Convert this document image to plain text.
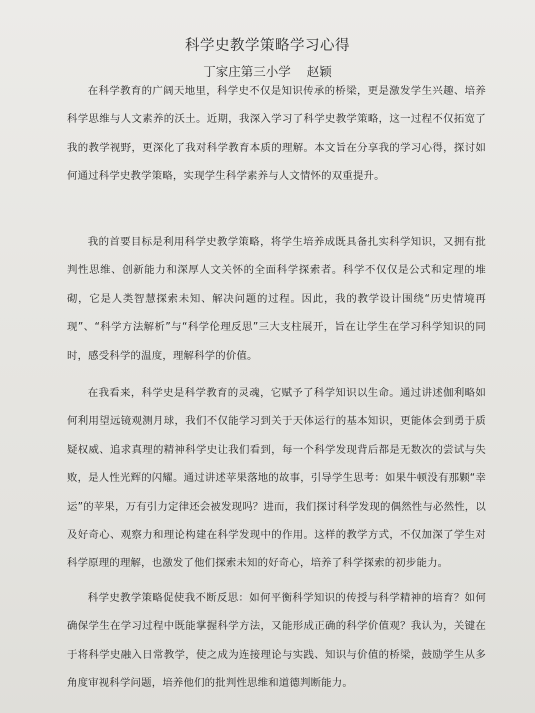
科学史教学策略学习心得

丁家庄第三小学 赵颖

在科学教育的广阔天地里，科学史不仅是知识传承的桥梁，更是激发学生兴趣、培养科学思维与人文素养的沃土。近期，我深入学习了科学史教学策略，这一过程不仅拓宽了我的教学视野，更深化了我对科学教育本质的理解。本文旨在分享我的学习心得，探讨如何通过科学史教学策略，实现学生科学素养与人文情怀的双重提升。

我的首要目标是利用科学史教学策略，将学生培养成既具备扎实科学知识，又拥有批判性思维、创新能力和深厚人文关怀的全面科学探索者。科学不仅仅是公式和定理的堆砌，它是人类智慧探索未知、解决问题的过程。因此，我的教学设计围绕“历史情境再现”、“科学方法解析”与“科学伦理反思”三大支柱展开，旨在让学生在学习科学知识的同时，感受科学的温度，理解科学的价值。

在我看来，科学史是科学教育的灵魂，它赋予了科学知识以生命。通过讲述伽利略如何利用望远镜观测月球，我们不仅能学习到关于天体运行的基本知识，更能体会到勇于质疑权威、追求真理的精神科学史让我们看到，每一个科学发现背后都是无数次的尝试与失败，是人性光辉的闪耀。通过讲述苹果落地的故事，引导学生思考：如果牛顿没有那颗“幸运”的苹果，万有引力定律还会被发现吗？进而，我们探讨科学发现的偶然性与必然性，以及好奇心、观察力和理论构建在科学发现中的作用。这样的教学方式，不仅加深了学生对科学原理的理解，也激发了他们探索未知的好奇心，培养了科学探索的初步能力。

科学史教学策略促使我不断反思：如何平衡科学知识的传授与科学精神的培育？如何确保学生在学习过程中既能掌握科学方法，又能形成正确的科学价值观？我认为，关键在于将科学史融入日常教学，使之成为连接理论与实践、知识与价值的桥梁，鼓励学生从多角度审视科学问题，培养他们的批判性思维和道德判断能力。
